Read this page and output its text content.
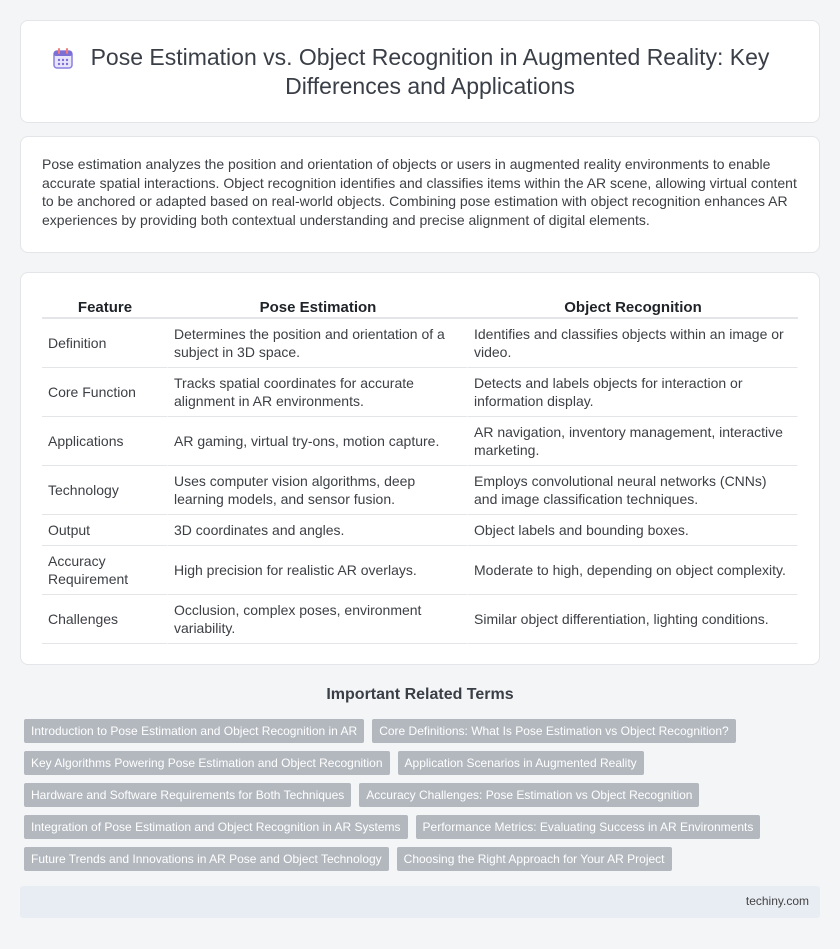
Pose Estimation vs. Object Recognition in Augmented Reality: Key Differences and Applications

Pose estimation analyzes the position and orientation of objects or users in augmented reality environments to enable accurate spatial interactions. Object recognition identifies and classifies items within the AR scene, allowing virtual content to be anchored or adapted based on real-world objects. Combining pose estimation with object recognition enhances AR experiences by providing both contextual understanding and precise alignment of digital elements.

Feature	Pose Estimation	Object Recognition
Definition	Determines the position and orientation of a subject in 3D space.	Identifies and classifies objects within an image or video.
Core Function	Tracks spatial coordinates for accurate alignment in AR environments.	Detects and labels objects for interaction or information display.
Applications	AR gaming, virtual try-ons, motion capture.	AR navigation, inventory management, interactive marketing.
Technology	Uses computer vision algorithms, deep learning models, and sensor fusion.	Employs convolutional neural networks (CNNs) and image classification techniques.
Output	3D coordinates and angles.	Object labels and bounding boxes.
Accuracy Requirement	High precision for realistic AR overlays.	Moderate to high, depending on object complexity.
Challenges	Occlusion, complex poses, environment variability.	Similar object differentiation, lighting conditions.
Important Related Terms
Introduction to Pose Estimation and Object Recognition in AR	Core Definitions: What Is Pose Estimation vs Object Recognition?
Key Algorithms Powering Pose Estimation and Object Recognition	Application Scenarios in Augmented Reality
Hardware and Software Requirements for Both Techniques	Accuracy Challenges: Pose Estimation vs Object Recognition
Integration of Pose Estimation and Object Recognition in AR Systems	Performance Metrics: Evaluating Success in AR Environments
Future Trends and Innovations in AR Pose and Object Technology	Choosing the Right Approach for Your AR Project
techiny.com
